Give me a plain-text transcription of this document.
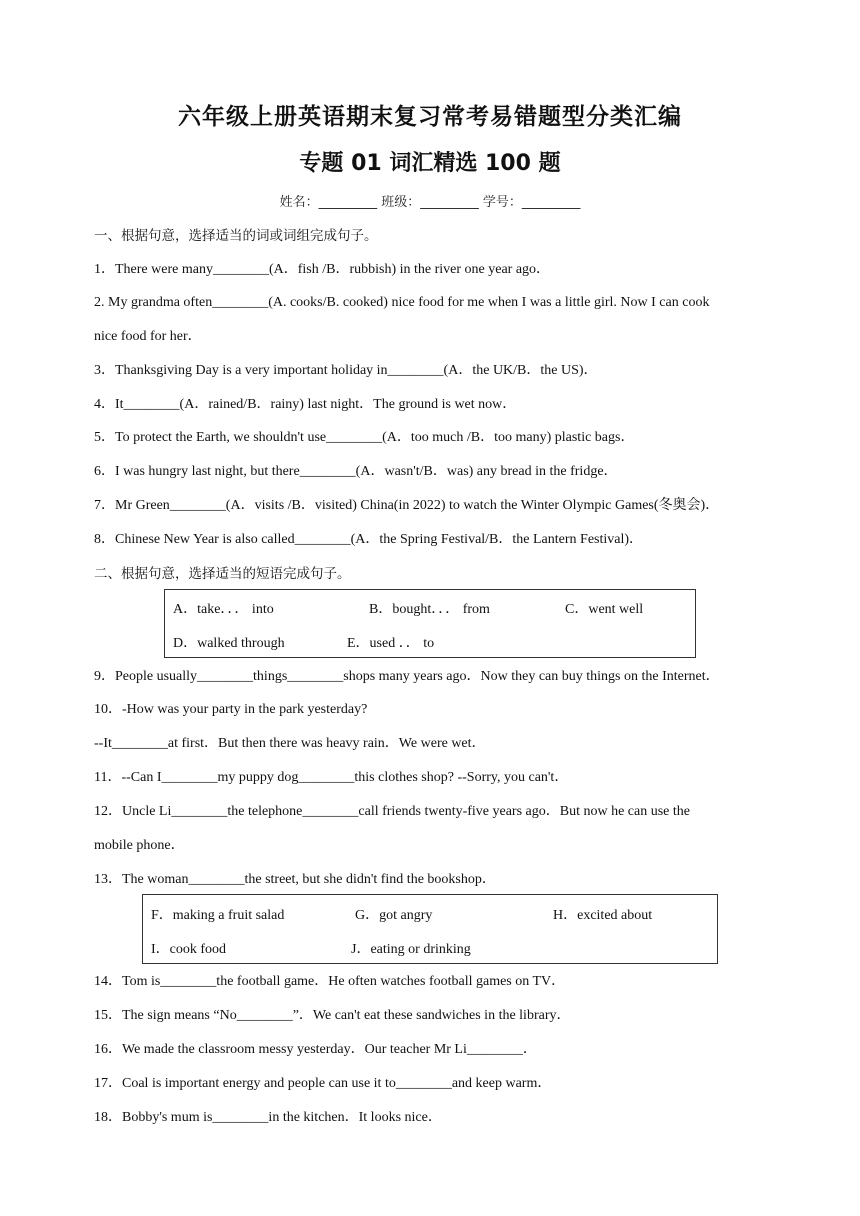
六年级上册英语期末复习常考易错题型分类汇编
专题 01 词汇精选 100 题
姓名：_________ 班级：_________ 学号：_________
一、根据句意，选择适当的词或词组完成句子。
1．There were many________(A．fish /B．rubbish) in the river one year ago．
2. My grandma often________(A. cooks/B. cooked) nice food for me when I was a little girl. Now I can cook
nice food for her．
3．Thanksgiving Day is a very important holiday in________(A．the UK/B．the US)．
4．It________(A．rained/B．rainy) last night．The ground is wet now．
5．To protect the Earth, we shouldn't use________(A．too much /B．too many) plastic bags．
6．I was hungry last night, but there________(A．wasn't/B．was) any bread in the fridge．
7．Mr Green________(A．visits /B．visited) China(in 2022) to watch the Winter Olympic Games(冬奥会)．
8．Chinese New Year is also called________(A．the Spring Festival/B．the Lantern Festival)．
二、根据句意，选择适当的短语完成句子。
A．take．．． into	B．bought．．． from	C．went well
D．walked through	E．used ．． to
9．People usually________things________shops many years ago．Now they can buy things on the Internet．
10．-How was your party in the park yesterday?
--It________at first．But then there was heavy rain．We were wet．
11．--Can I________my puppy dog________this clothes shop? --Sorry, you can't．
12．Uncle Li________the telephone________call friends twenty-five years ago．But now he can use the
mobile phone．
13．The woman________the street, but she didn't find the bookshop．
F．making a fruit salad	G．got angry	H．excited about
I．cook food	J．eating or drinking
14．Tom is________the football game．He often watches football games on TV．
15．The sign means “No________”．We can't eat these sandwiches in the library．
16．We made the classroom messy yesterday．Our teacher Mr Li________．
17．Coal is important energy and people can use it to________and keep warm．
18．Bobby's mum is________in the kitchen．It looks nice．
